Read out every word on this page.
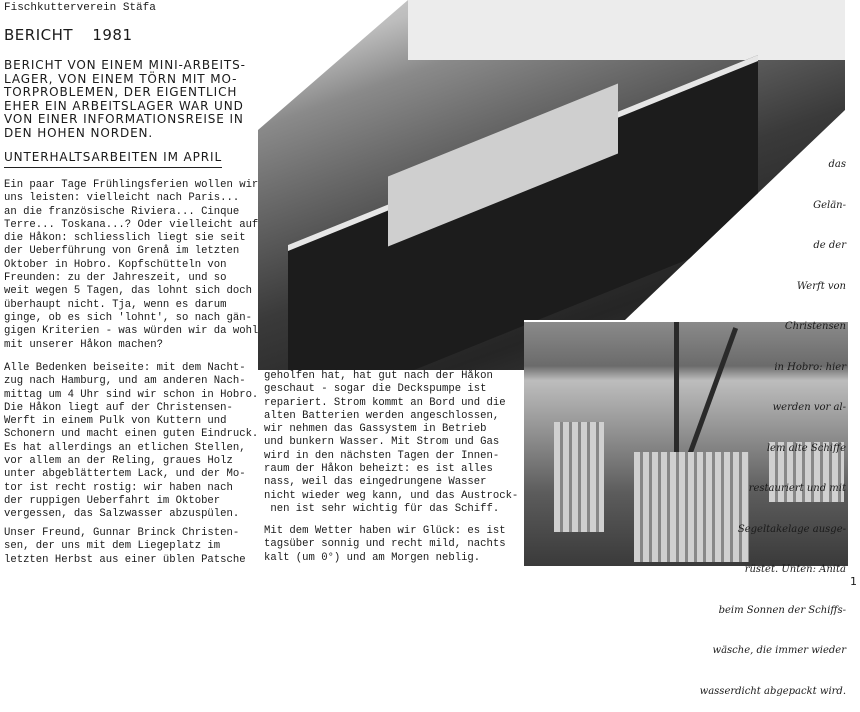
Fischkutterverein Stäfa
BERICHT 1981
BERICHT VON EINEM MINI-ARBEITS-
LAGER, VON EINEM TÖRN MIT MO-
TORPROBLEMEN, DER EIGENTLICH
EHER EIN ARBEITSLAGER WAR UND
VON EINER INFORMATIONSREISE IN
DEN HOHEN NORDEN.
UNTERHALTSARBEITEN IM APRIL

das

Gelän-

de der

Werft von

Christensen

in Hobro: hier

werden vor al-

lem alte Schiffe

restauriert und mit

Segeltakelage ausge-

rüstet. Unten: Anita

beim Sonnen der Schiffs-

wäsche, die immer wieder

wasserdicht abgepackt wird.

Ein paar Tage Frühlingsferien wollen wir
uns leisten: vielleicht nach Paris...
an die französische Riviera... Cinque
Terre... Toskana...? Oder vielleicht auf
die Håkon: schliesslich liegt sie seit
der Ueberführung von Grenå im letzten
Oktober in Hobro. Kopfschütteln von
Freunden: zu der Jahreszeit, und so
weit wegen 5 Tagen, das lohnt sich doch
überhaupt nicht. Tja, wenn es darum
ginge, ob es sich 'lohnt', so nach gän-
gigen Kriterien - was würden wir da wohl
mit unserer Håkon machen?
Alle Bedenken beiseite: mit dem Nacht-
zug nach Hamburg, und am anderen Nach-
mittag um 4 Uhr sind wir schon in Hobro.
Die Håkon liegt auf der Christensen-
Werft in einem Pulk von Kuttern und
Schonern und macht einen guten Eindruck.
Es hat allerdings an etlichen Stellen,
vor allem an der Reling, graues Holz
unter abgeblättertem Lack, und der Mo-
tor ist recht rostig: wir haben nach
der ruppigen Ueberfahrt im Oktober
vergessen, das Salzwasser abzuspülen.
Unser Freund, Gunnar Brinck Christen-
sen, der uns mit dem Liegeplatz im
letzten Herbst aus einer üblen Patsche
geholfen hat, hat gut nach der Håkon
geschaut - sogar die Deckspumpe ist
repariert. Strom kommt an Bord und die
alten Batterien werden angeschlossen,
wir nehmen das Gassystem in Betrieb
und bunkern Wasser. Mit Strom und Gas
wird in den nächsten Tagen der Innen-
raum der Håkon beheizt: es ist alles
nass, weil das eingedrungene Wasser
nicht wieder weg kann, und das Austrock-
nen ist sehr wichtig für das Schiff.
Mit dem Wetter haben wir Glück: es ist
tagsüber sonnig und recht mild, nachts
kalt (um 0°) und am Morgen neblig.
1
